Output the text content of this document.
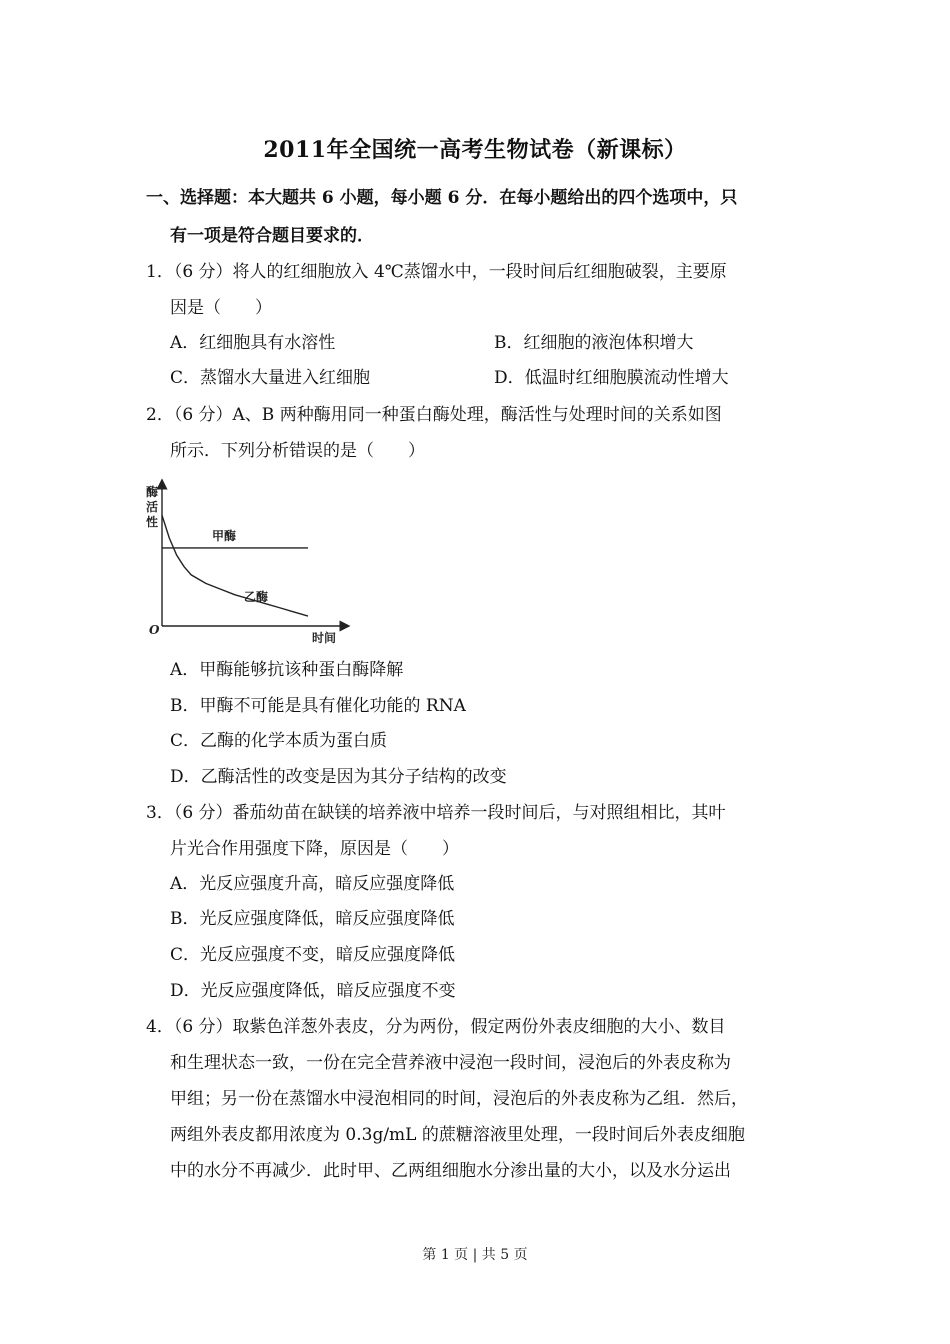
2011年全国统一高考生物试卷（新课标）
一、选择题：本大题共 6 小题，每小题 6 分．在每小题给出的四个选项中，只
有一项是符合题目要求的．
1．（6 分）将人的红细胞放入 4℃蒸馏水中，一段时间后红细胞破裂，主要原
因是（　　）
A．红细胞具有水溶性	B．红细胞的液泡体积增大
C．蒸馏水大量进入红细胞	D．低温时红细胞膜流动性增大
2．（6 分）A、B 两种酶用同一种蛋白酶处理，酶活性与处理时间的关系如图
所示．下列分析错误的是（　　）
酶活性
时间
O
甲酶
乙酶
A．甲酶能够抗该种蛋白酶降解
B．甲酶不可能是具有催化功能的 RNA
C．乙酶的化学本质为蛋白质
D．乙酶活性的改变是因为其分子结构的改变
3．（6 分）番茄幼苗在缺镁的培养液中培养一段时间后，与对照组相比，其叶
片光合作用强度下降，原因是（　　）
A．光反应强度升高，暗反应强度降低
B．光反应强度降低，暗反应强度降低
C．光反应强度不变，暗反应强度降低
D．光反应强度降低，暗反应强度不变
4．（6 分）取紫色洋葱外表皮，分为两份，假定两份外表皮细胞的大小、数目
和生理状态一致，一份在完全营养液中浸泡一段时间，浸泡后的外表皮称为
甲组；另一份在蒸馏水中浸泡相同的时间，浸泡后的外表皮称为乙组．然后，
两组外表皮都用浓度为 0.3g/mL 的蔗糖溶液里处理，一段时间后外表皮细胞
中的水分不再减少．此时甲、乙两组细胞水分渗出量的大小，以及水分运出
第 1 页 | 共 5 页
